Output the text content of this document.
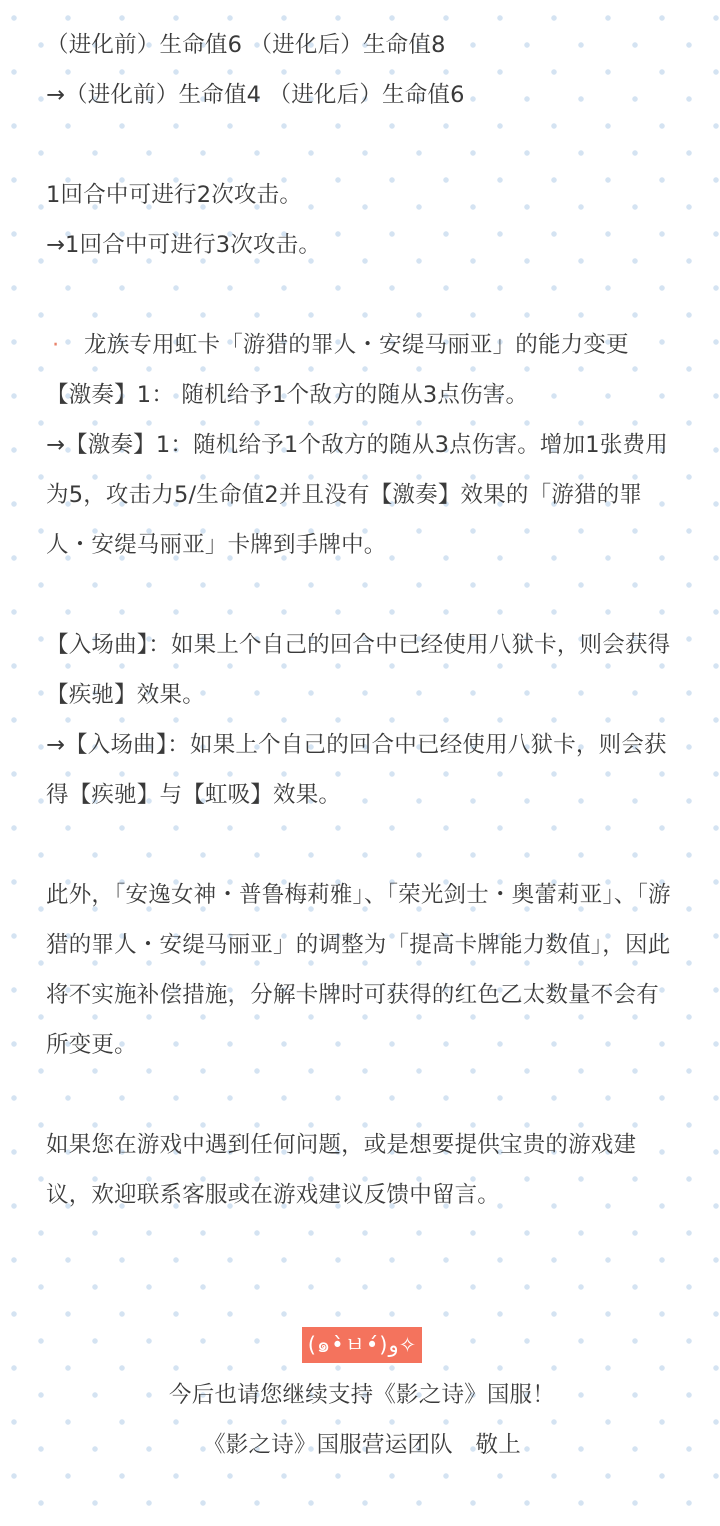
（进化前）生命值6 （进化后）生命值8

→（进化前）生命值4 （进化后）生命值6

1回合中可进行2次攻击。

→1回合中可进行3次攻击。

· 龙族专用虹卡「游猎的罪人・安缇马丽亚」的能力变更

【激奏】1： 随机给予1个敌方的随从3点伤害。

→【激奏】1：随机给予1个敌方的随从3点伤害。增加1张费用为5，攻击力5/生命值2并且没有【激奏】效果的「游猎的罪人・安缇马丽亚」卡牌到手牌中。

【入场曲】：如果上个自己的回合中已经使用八狱卡，则会获得【疾驰】效果。

→【入场曲】：如果上个自己的回合中已经使用八狱卡，则会获得【疾驰】与【虹吸】效果。

此外，「安逸女神・普鲁梅莉雅」、「荣光剑士・奥蕾莉亚」、「游猎的罪人・安缇马丽亚」的调整为「提高卡牌能力数值」，因此将不实施补偿措施，分解卡牌时可获得的红色乙太数量不会有所变更。

如果您在游戏中遇到任何问题，或是想要提供宝贵的游戏建议，欢迎联系客服或在游戏建议反馈中留言。

(๑•̀ㅂ•́)و✧

今后也请您继续支持《影之诗》国服！

《影之诗》国服营运团队　敬上
